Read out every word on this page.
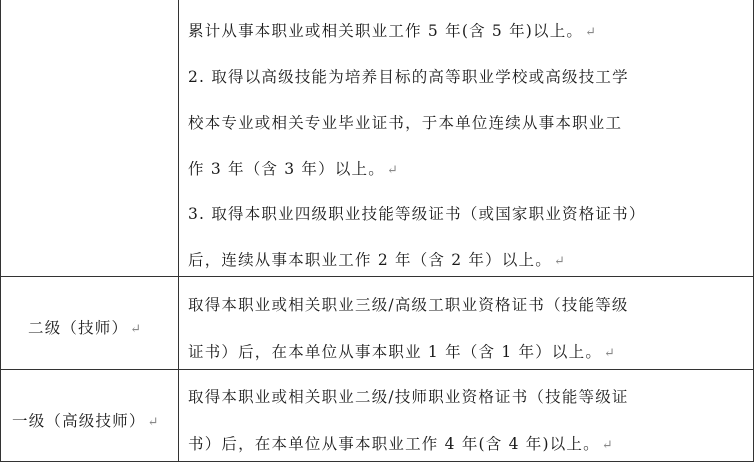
累计从事本职业或相关职业工作 5 年(含 5 年)以上。 ↵
2. 取得以高级技能为培养目标的高等职业学校或高级技工学
校本专业或相关专业毕业证书，于本单位连续从事本职业工
作 3 年（含 3 年）以上。 ↵
3. 取得本职业四级职业技能等级证书（或国家职业资格证书）
后，连续从事本职业工作 2 年（含 2 年）以上。 ↵
二级（技师） ↵
取得本职业或相关职业三级/高级工职业资格证书（技能等级
证书）后，在本单位从事本职业 1 年（含 1 年）以上。 ↵
一级（高级技师） ↵
取得本职业或相关职业二级/技师职业资格证书（技能等级证
书）后，在本单位从事本职业工作 4 年(含 4 年)以上。 ↵
